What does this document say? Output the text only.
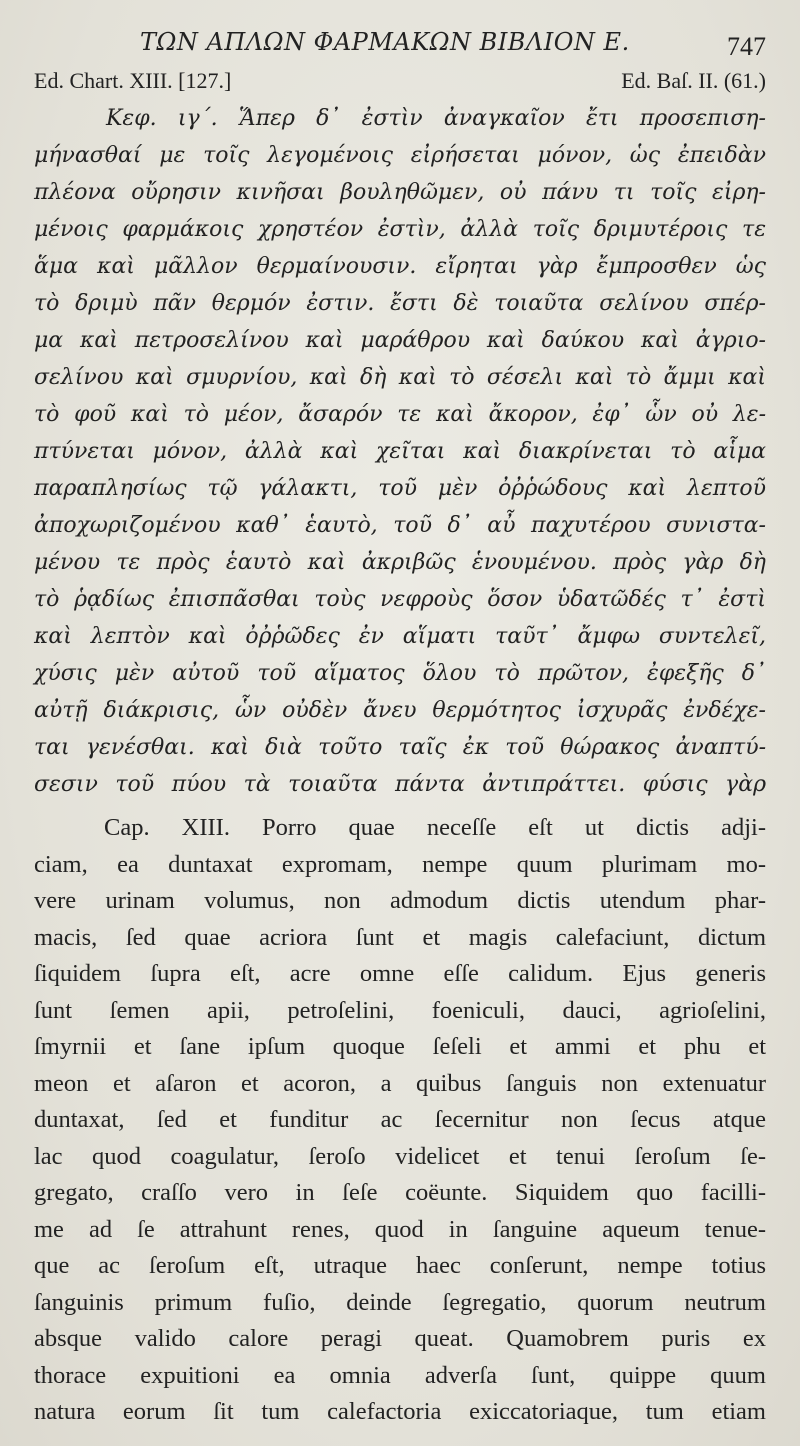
ΤΩΝ ΑΠΛΩΝ ΦΑΡΜΑΚΩΝ ΒΙΒΛΙΟΝ Ε.	747
Ed. Chart. XIII. [127.]	Ed. Baſ. II. (61.)
Κεφ. ιγ΄. Ἅπερ δ᾽ ἐστὶν ἀναγκαῖον ἔτι προσεπιση-
μήνασθαί με τοῖς λεγομένοις εἰρήσεται μόνον, ὡς ἐπειδὰν
πλέονα οὔρησιν κινῆσαι βουληθῶμεν, οὐ πάνυ τι τοῖς εἰρη-
μένοις φαρμάκοις χρηστέον ἐστὶν, ἀλλὰ τοῖς δριμυτέροις τε
ἅμα καὶ μᾶλλον θερμαίνουσιν. εἴρηται γὰρ ἔμπροσθεν ὡς
τὸ δριμὺ πᾶν θερμόν ἐστιν. ἔστι δὲ τοιαῦτα σελίνου σπέρ-
μα καὶ πετροσελίνου καὶ μαράθρου καὶ δαύκου καὶ ἀγριο-
σελίνου καὶ σμυρνίου, καὶ δὴ καὶ τὸ σέσελι καὶ τὸ ἄμμι καὶ
τὸ φοῦ καὶ τὸ μέον, ἄσαρόν τε καὶ ἄκορον, ἐφ᾽ ὧν οὐ λε-
πτύνεται μόνον, ἀλλὰ καὶ χεῖται καὶ διακρίνεται τὸ αἷμα
παραπλησίως τῷ γάλακτι, τοῦ μὲν ὀῤῥώδους καὶ λεπτοῦ
ἀποχωριζομένου καθ᾽ ἑαυτὸ, τοῦ δ᾽ αὖ παχυτέρου συνιστα-
μένου τε πρὸς ἑαυτὸ καὶ ἀκριβῶς ἑνουμένου. πρὸς γὰρ δὴ
τὸ ῥᾳδίως ἐπισπᾶσθαι τοὺς νεφροὺς ὅσον ὑδατῶδές τ᾽ ἐστὶ
καὶ λεπτὸν καὶ ὀῤῥῶδες ἐν αἵματι ταῦτ᾽ ἄμφω συντελεῖ,
χύσις μὲν αὐτοῦ τοῦ αἵματος ὅλου τὸ πρῶτον, ἐφεξῆς δ᾽
αὐτῇ διάκρισις, ὧν οὐδὲν ἄνευ θερμότητος ἰσχυρᾶς ἐνδέχε-
ται γενέσθαι. καὶ διὰ τοῦτο ταῖς ἐκ τοῦ θώρακος ἀναπτύ-
σεσιν τοῦ πύου τὰ τοιαῦτα πάντα ἀντιπράττει. φύσις γὰρ
Cap. XIII. Porro quae neceſſe eſt ut dictis adji-
ciam, ea duntaxat expromam, nempe quum plurimam mo-
vere urinam volumus, non admodum dictis utendum phar-
macis, ſed quae acriora ſunt et magis calefaciunt, dictum
ſiquidem ſupra eſt, acre omne eſſe calidum. Ejus generis
ſunt ſemen apii, petroſelini, foeniculi, dauci, agrioſelini,
ſmyrnii et ſane ipſum quoque ſeſeli et ammi et phu et
meon et aſaron et acoron, a quibus ſanguis non extenuatur
duntaxat, ſed et funditur ac ſecernitur non ſecus atque
lac quod coagulatur, ſeroſo videlicet et tenui ſeroſum ſe-
gregato, craſſo vero in ſeſe coëunte. Siquidem quo facilli-
me ad ſe attrahunt renes, quod in ſanguine aqueum tenue-
que ac ſeroſum eſt, utraque haec conſerunt, nempe totius
ſanguinis primum fuſio, deinde ſegregatio, quorum neutrum
absque valido calore peragi queat. Quamobrem puris ex
thorace expuitioni ea omnia adverſa ſunt, quippe quum
natura eorum ſit tum calefactoria exiccatoriaque, tum etiam
